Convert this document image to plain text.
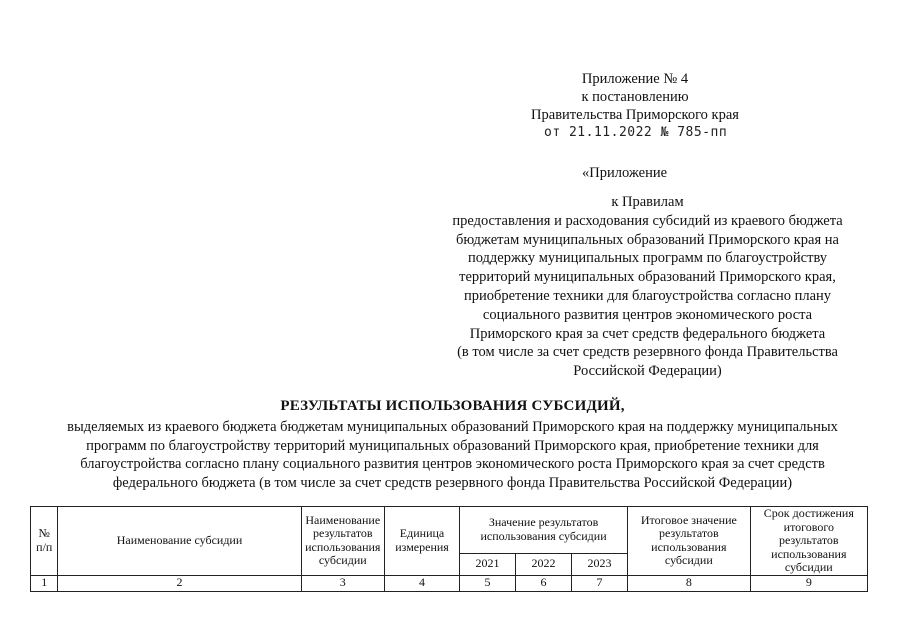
Приложение № 4
к постановлению
Правительства Приморского края
от 21.11.2022 № 785-пп
«Приложение
к Правилам
предоставления и расходования субсидий из краевого бюджета
бюджетам муниципальных образований Приморского края на
поддержку муниципальных программ по благоустройству
территорий муниципальных образований Приморского края,
приобретение техники для благоустройства согласно плану
социального развития центров экономического роста
Приморского края за счет средств федерального бюджета
(в том числе за счет средств резервного фонда Правительства
Российской Федерации)
РЕЗУЛЬТАТЫ ИСПОЛЬЗОВАНИЯ СУБСИДИЙ,
выделяемых из краевого бюджета бюджетам муниципальных образований Приморского края на поддержку муниципальных
программ по благоустройству территорий муниципальных образований Приморского края, приобретение техники для
благоустройства согласно плану социального развития центров экономического роста Приморского края за счет средств
федерального бюджета (в том числе за счет средств резервного фонда Правительства Российской Федерации)
№ п/п	Наименование субсидии	Наименование результатов использования субсидии	Единица измерения	Значение результатов использования субсидии			Итоговое значение результатов использования субсидии	Срок достижения итогового результатов использования субсидии
				2021	2022	2023		
1	2	3	4	5	6	7	8	9
